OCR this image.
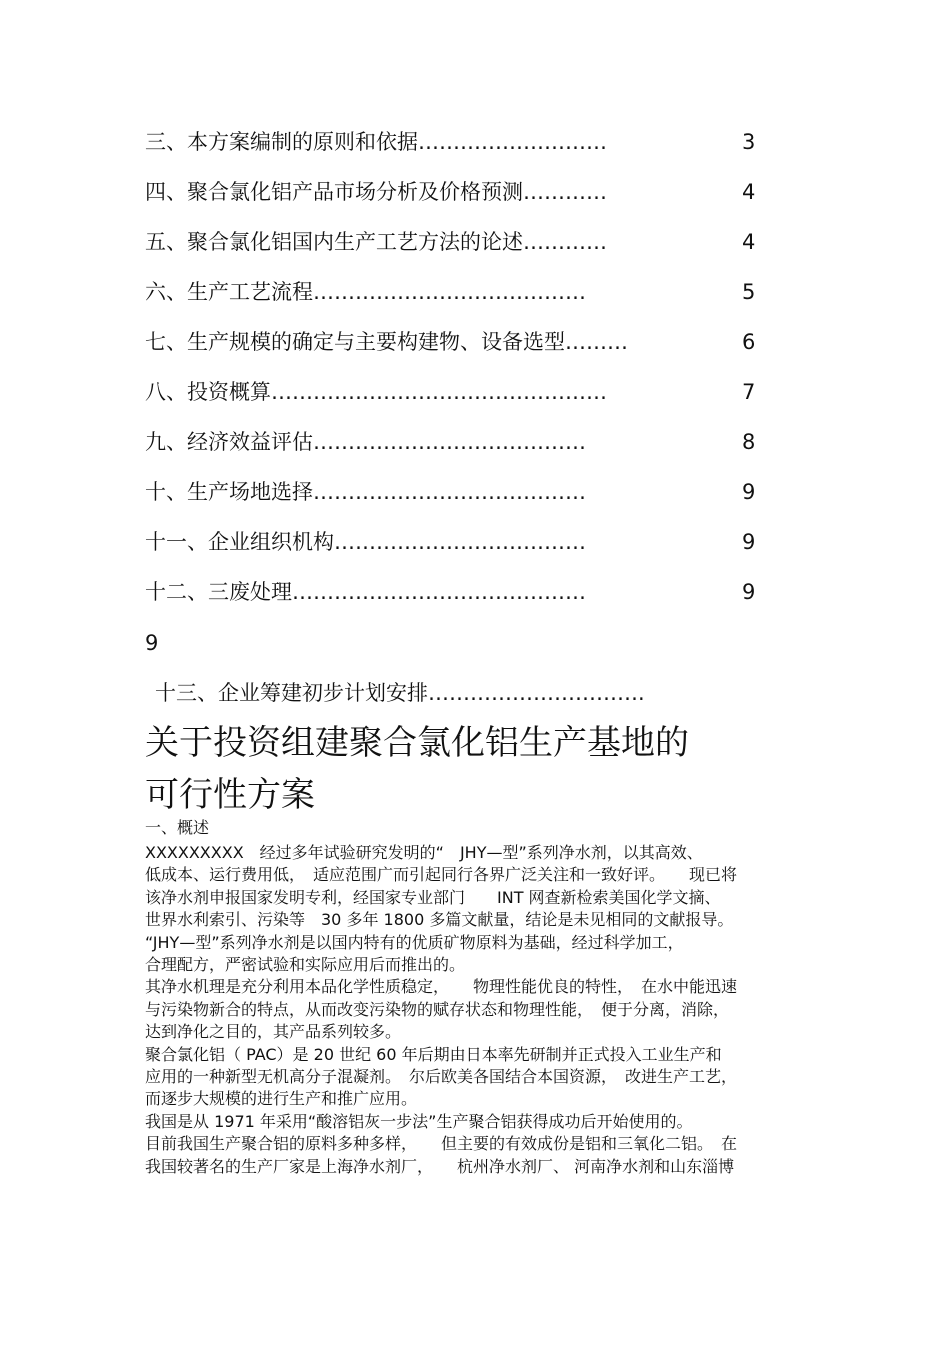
三、本方案编制的原则和依据………………………	3
四、聚合氯化铝产品市场分析及价格预测…………	4
五、聚合氯化铝国内生产工艺方法的论述…………	4
六、生产工艺流程…………………………………	5
七、生产规模的确定与主要构建物、设备选型………	6
八、投资概算…………………………………………	7
九、经济效益评估…………………………………	8
十、生产场地选择…………………………………	9
十一、企业组织机构………………………………	9
十二、三废处理……………………………………	9
9
十三、企业筹建初步计划安排………………………….
关于投资组建聚合氯化铝生产基地的
可行性方案
一、概述

XXXXXXXXX　经过多年试验研究发明的“　JHY—型”系列净水剂，以其高效、

低成本、运行费用低，　适应范围广而引起同行各界广泛关注和一致好评。　　现已将

该净水剂申报国家发明专利，经国家专业部门　　INT 网查新检索美国化学文摘、

世界水利索引、污染等　30 多年 1800 多篇文献量，结论是未见相同的文献报导。

“JHY—型”系列净水剂是以国内特有的优质矿物原料为基础，经过科学加工，

合理配方，严密试验和实际应用后而推出的。

其净水机理是充分利用本品化学性质稳定，　　物理性能优良的特性，　在水中能迅速

与污染物新合的特点，从而改变污染物的赋存状态和物理性能，　便于分离，消除，

达到净化之目的，其产品系列较多。

聚合氯化铝（ PAC）是 20 世纪 60 年后期由日本率先研制并正式投入工业生产和

应用的一种新型无机高分子混凝剂。　尔后欧美各国结合本国资源，　改进生产工艺，

而逐步大规模的进行生产和推广应用。

我国是从 1971 年采用“酸溶铝灰一步法”生产聚合铝获得成功后开始使用的。

目前我国生产聚合铝的原料多种多样，　　但主要的有效成份是铝和三氧化二铝。　在

我国较著名的生产厂家是上海净水剂厂，　　杭州净水剂厂、 河南净水剂和山东淄博
